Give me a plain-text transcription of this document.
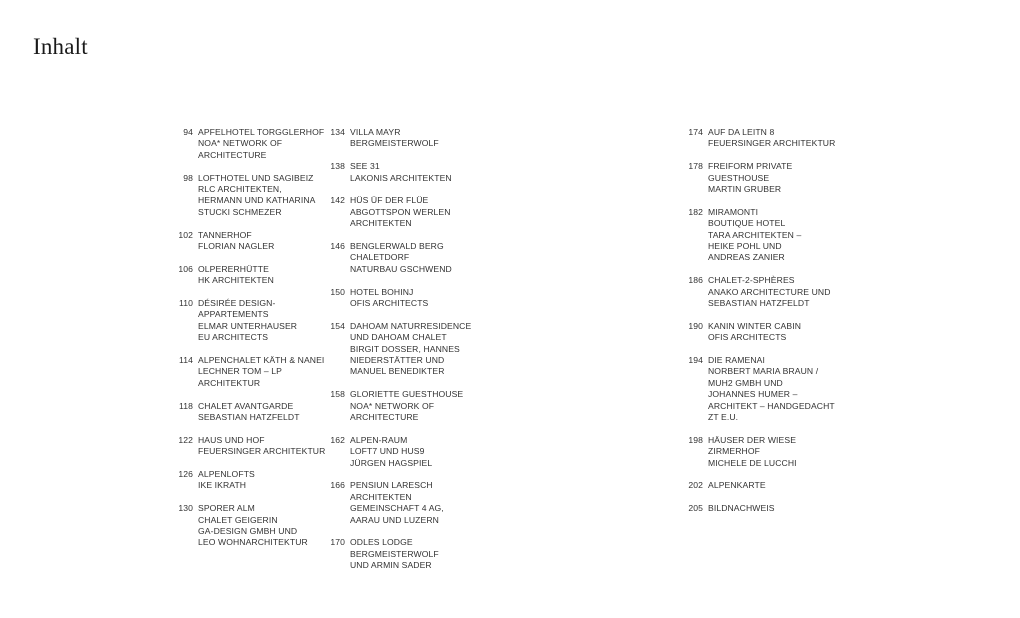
Inhalt
94 APFELHOTEL TORGGLERHOF
NOA* NETWORK OF
ARCHITECTURE
98 LOFTHOTEL UND SAGIBEIZ
RLC ARCHITEKTEN,
HERMANN UND KATHARINA
STUCKI SCHMEZER
102 TANNERHOF
FLORIAN NAGLER
106 OLPERERHÜTTE
HK ARCHITEKTEN
110 DÉSIRÉE DESIGN-
APPARTEMENTS
ELMAR UNTERHAUSER
EU ARCHITECTS
114 ALPENCHALET KÄTH & NANEI
LECHNER TOM – LP
ARCHITEKTUR
118 CHALET AVANTGARDE
SEBASTIAN HATZFELDT
122 HAUS UND HOF
FEUERSINGER ARCHITEKTUR
126 ALPENLOFTS
IKE IKRATH
130 SPORER ALM
CHALET GEIGERIN
GA-DESIGN GMBH UND
LEO WOHNARCHITEKTUR
134 VILLA MAYR
BERGMEISTERWOLF
138 SEE 31
LAKONIS ARCHITEKTEN
142 HÜS ÜF DER FLÜE
ABGOTTSPON WERLEN
ARCHITEKTEN
146 BENGLERWALD BERG
CHALETDORF
NATURBAU GSCHWEND
150 HOTEL BOHINJ
OFIS ARCHITECTS
154 DAHOAM NATURRESIDENCE
UND DAHOAM CHALET
BIRGIT DOSSER, HANNES
NIEDERSTÄTTER UND
MANUEL BENEDIKTER
158 GLORIETTE GUESTHOUSE
NOA* NETWORK OF
ARCHITECTURE
162 ALPEN-RAUM
LOFT7 UND HUS9
JÜRGEN HAGSPIEL
166 PENSIUN LARESCH
ARCHITEKTEN
GEMEINSCHAFT 4 AG,
AARAU UND LUZERN
170 ODLES LODGE
BERGMEISTERWOLF
UND ARMIN SADER
174 AUF DA LEITN 8
FEUERSINGER ARCHITEKTUR
178 FREIFORM PRIVATE
GUESTHOUSE
MARTIN GRUBER
182 MIRAMONTI
BOUTIQUE HOTEL
TARA ARCHITEKTEN –
HEIKE POHL UND
ANDREAS ZANIER
186 CHALET-2-SPHÈRES
ANAKO ARCHITECTURE UND
SEBASTIAN HATZFELDT
190 KANIN WINTER CABIN
OFIS ARCHITECTS
194 DIE RAMENAI
NORBERT MARIA BRAUN /
MUH2 GMBH UND
JOHANNES HUMER –
ARCHITEKT – HANDGEDACHT
ZT E.U.
198 HÄUSER DER WIESE
ZIRMERHOF
MICHELE DE LUCCHI
202 ALPENKARTE
205 BILDNACHWEIS
